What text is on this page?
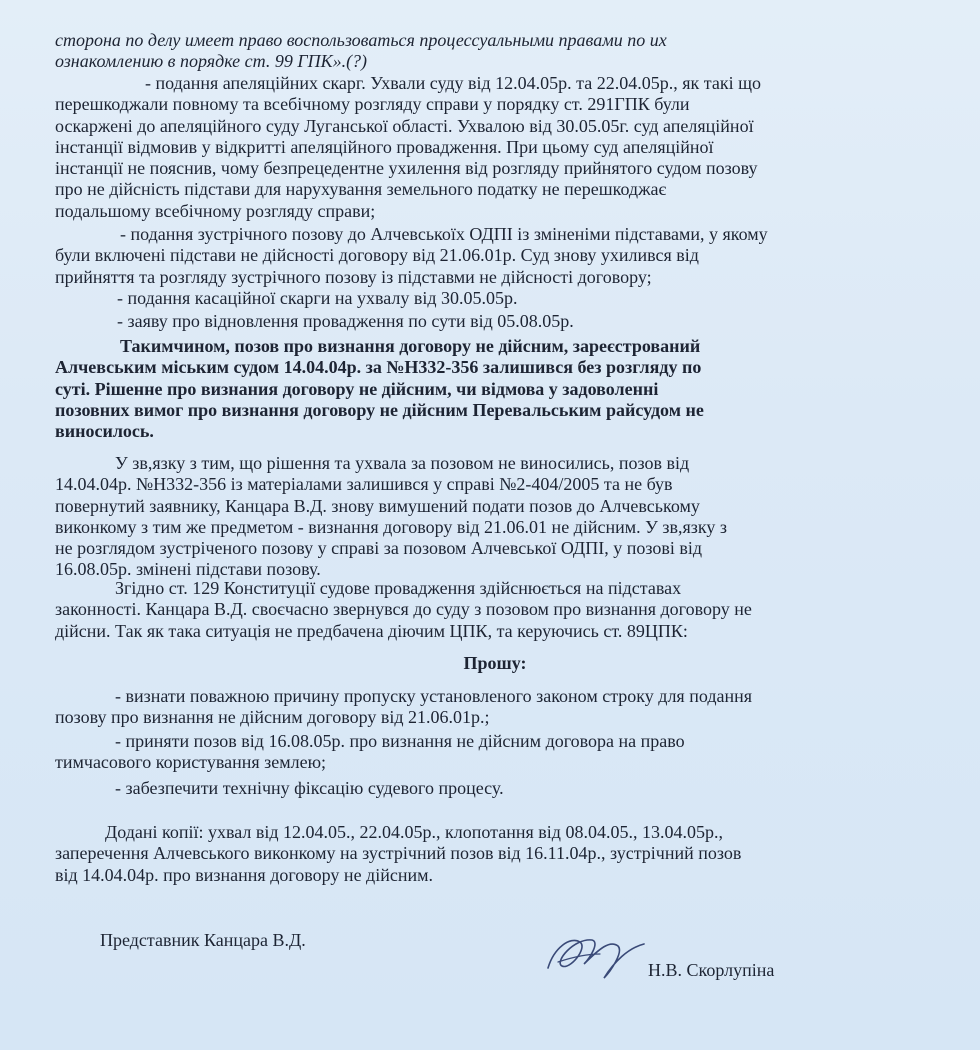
сторона по делу имеет право воспользоваться процессуальными правами по их
ознакомлению в порядке ст. 99 ГПК».(?)
- подання апеляційних скарг. Ухвали суду від 12.04.05р. та 22.04.05р., як такі що
перешкоджали повному та всебічному розгляду справи у порядку ст. 291ГПК були
оскаржені до апеляційного суду Луганської області. Ухвалою від 30.05.05г. суд апеляційної
інстанції відмовив у відкритті апеляційного провадження. При цьому суд апеляційної
інстанції не пояснив, чому безпрецедентне ухилення від розгляду прийнятого судом позову
про не дійсність підстави для нарухування земельного податку не перешкоджає
подальшому всебічному розгляду справи;
- подання зустрічного позову до Алчевськоїх ОДПІ із зміненіми підставами, у якому
були включені підстави не дійсності договору від 21.06.01р. Суд знову ухилився від
прийняття та розгляду зустрічного позову із підставми не дійсності договору;
- подання касаційної скарги на ухвалу від 30.05.05р.
- заяву про відновлення провадження по сути від 05.08.05р.
Такимчином, позов про визнання договору не дійсним, зареєстрований
Алчевським міським судом 14.04.04р. за №Н332-356 залишився без розгляду по
суті. Рішенне про визнания договору не дійсним, чи відмова у задоволенні
позовних вимог про визнання договору не дійсним Перевальським райсудом не
виносилось.
У зв,язку з тим, що рішення та ухвала за позовом не виносились, позов від
14.04.04р. №Н332-356 із матеріалами залишився у справі №2-404/2005 та не був
повернутий заявнику, Канцара В.Д. знову вимушений подати позов до Алчевському
виконкому з тим же предметом - визнання договору від 21.06.01 не дійсним. У зв,язку з
не розглядом зустріченого позову у справі за позовом Алчевської ОДПІ, у позові від
16.08.05р. змінені підстави позову.
Згідно ст. 129 Конституції судове провадження здійснюється на підставах
законності. Канцара В.Д. своєчасно звернувся до суду з позовом про визнання договору не
дійсни. Так як така ситуація не предбачена діючим ЦПК, та керуючись ст. 89ЦПК:
Прошу:
- визнати поважною причину пропуску установленого законом строку для подання
позову про визнання не дійсним договору від 21.06.01р.;
- приняти позов від 16.08.05р. про визнання не дійсним договора на право
тимчасового користування землею;
- забезпечити технічну фіксацію судевого процесу.
Додані копії: ухвал від 12.04.05., 22.04.05р., клопотання від 08.04.05., 13.04.05р.,
заперечення Алчевського виконкому на зустрічний позов від 16.11.04р., зустрічний позов
від 14.04.04р. про визнання договору не дійсним.
Представник Канцара В.Д.
Н.В. Скорлупіна
